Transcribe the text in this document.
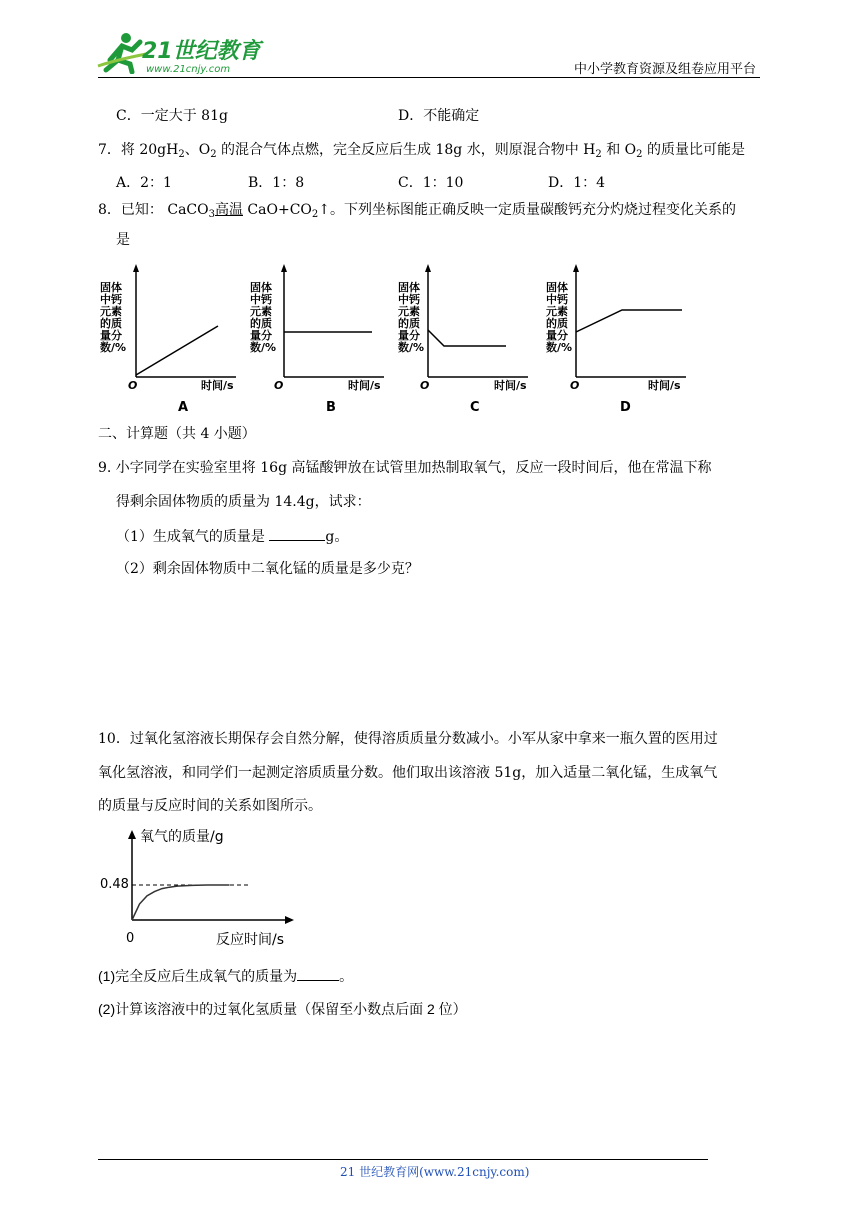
21世纪教育
www.21cnjy.com	中小学教育资源及组卷应用平台
C．一定大于 81g	D．不能确定
7．将 $20gH_2$、$O_2$ 的混合气体点燃，完全反应后生成 18g 水，则原混合物中 $H_2$ 和 $O_2$ 的质量比可能是
A．2：1	B．1：8	C．1：10	D．1：4
8．已知： CaCO$_3$高温 $CaO+CO_2↑$。下列坐标图能正确反映一定质量碳酸钙充分灼烧过程变化关系的
是
固体
中钙
元素
的质
量分
数/%
O	时间/s
A
固体
中钙
元素
的质
量分
数/%
O	时间/s
B
固体
中钙
元素
的质
量分
数/%
O	时间/s
C
固体
中钙
元素
的质
量分
数/%
O	时间/s
D
二、计算题（共 4 小题）
9. 小字同学在实验室里将 16g 高锰酸钾放在试管里加热制取氧气，反应一段时间后，他在常温下称
得剩余固体物质的质量为 14.4g，试求：
（1）生成氧气的质量是	g。
（2）剩余固体物质中二氧化锰的质量是多少克？
10．过氧化氢溶液长期保存会自然分解，使得溶质质量分数减小。小军从家中拿来一瓶久置的医用过
氧化氢溶液，和同学们一起测定溶质质量分数。他们取出该溶液 51g，加入适量二氧化锰，生成氧气
的质量与反应时间的关系如图所示。
氧气的质量/g
0.48
0	反应时间/s
(1)完全反应后生成氧气的质量为	。
(2)计算该溶液中的过氧化氢质量（保留至小数点后面 2 位）
21 世纪教育网(www.21cnjy.com)
